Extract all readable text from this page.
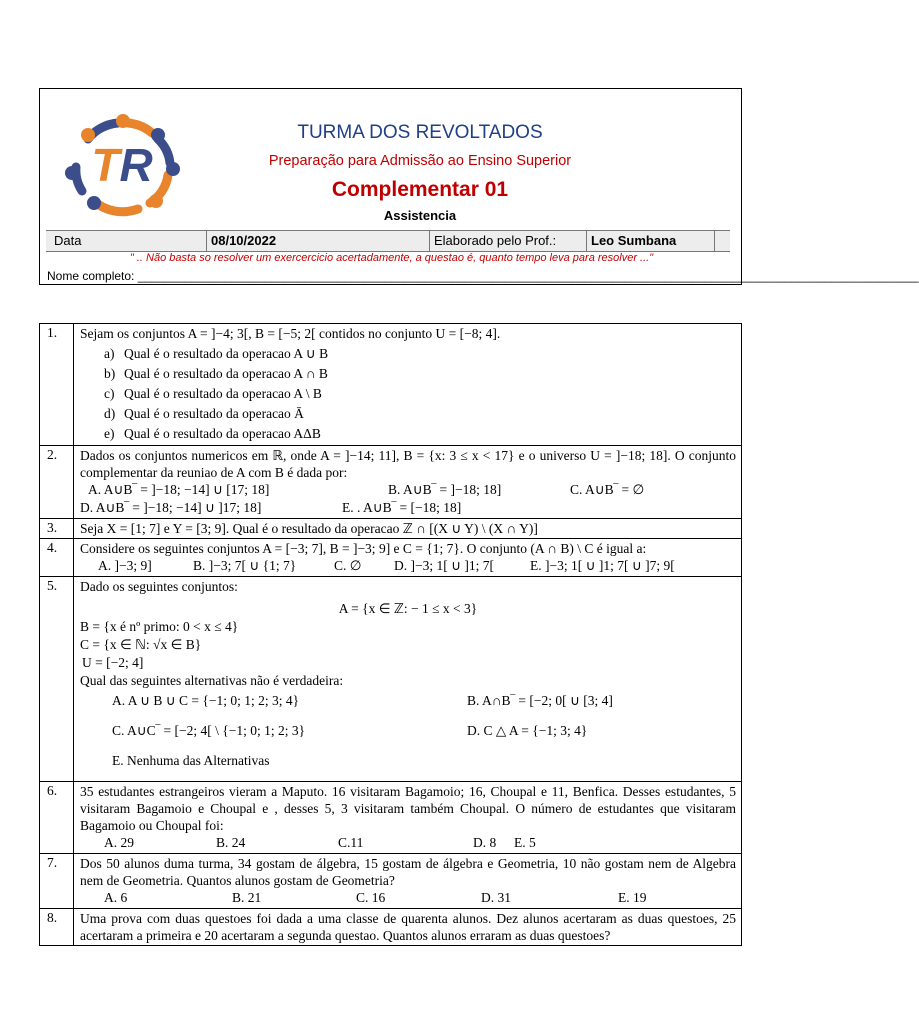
TR
TURMA DOS REVOLTADOS
Preparação para Admissão ao Ensino Superior
Complementar 01
Assistencia
Data	08/10/2022	Elaborado pelo Prof.:	Leo Sumbana
" .. Não basta so resolver um exercercicio acertadamente, a questao é, quanto tempo leva para resolver ..."
Nome completo: _____________________________________________________________________________________________________________________
1.	Sejam os conjuntos A = ]−4; 3[, B = [−5; 2[ contidos no conjunto U = [−8; 4].
a) Qual é o resultado da operacao A ∪ B
b) Qual é o resultado da operacao A ∩ B
c) Qual é o resultado da operacao A \ B
d) Qual é o resultado da operacao Ā
e) Qual é o resultado da operacao AΔB
2.	Dados os conjuntos numericos em ℝ, onde A = ]−14; 11], B = {x: 3 ≤ x < 17} e o universo U = ]−18; 18]. O conjunto complementar da reuniao de A com B é dada por:
A. A∪B‾ = ]−18; −14] ∪ [17; 18]	B. A∪B‾ = ]−18; 18]	C. A∪B‾ = ∅
D. A∪B‾ = ]−18; −14] ∪ ]17; 18]	E. . A∪B‾ = [−18; 18]
3.	Seja X = [1; 7] e Y = [3; 9]. Qual é o resultado da operacao ℤ ∩ [(X ∪ Y) \ (X ∩ Y)]
4.	Considere os seguintes conjuntos A = [−3; 7], B = ]−3; 9] e C = {1; 7}. O conjunto (A ∩ B) \ C é igual a:
A. ]−3; 9]	B. ]−3; 7[ ∪ {1; 7}	C. ∅ D. ]−3; 1[ ∪ ]1; 7[	E. ]−3; 1[ ∪ ]1; 7[ ∪ ]7; 9[
5.	Dado os seguintes conjuntos:
A = {x ∈ ℤ: − 1 ≤ x < 3}
B = {x é nº primo: 0 < x ≤ 4}
C = {x ∈ ℕ: √x ∈ B}
U = [−2; 4]
Qual das seguintes alternativas não é verdadeira:
A. A ∪ B ∪ C = {−1; 0; 1; 2; 3; 4}	B. A∩B‾ = [−2; 0[ ∪ [3; 4]
C. A∪C‾ = [−2; 4[ \ {−1; 0; 1; 2; 3}	D. C △ A = {−1; 3; 4}
E. Nenhuma das Alternativas
6.	35 estudantes estrangeiros vieram a Maputo. 16 visitaram Bagamoio; 16, Choupal e 11, Benfica. Desses estudantes, 5 visitaram Bagamoio e Choupal e , desses 5, 3 visitaram também Choupal. O número de estudantes que visitaram Bagamoio ou Choupal foi:
A. 29	B. 24	C.11	D. 8 E. 5
7.	Dos 50 alunos duma turma, 34 gostam de álgebra, 15 gostam de álgebra e Geometria, 10 não gostam nem de Algebra nem de Geometria. Quantos alunos gostam de Geometria?
A. 6	B. 21	C. 16	D. 31	E. 19
8.	Uma prova com duas questoes foi dada a uma classe de quarenta alunos. Dez alunos acertaram as duas questoes, 25 acertaram a primeira e 20 acertaram a segunda questao. Quantos alunos erraram as duas questoes?
